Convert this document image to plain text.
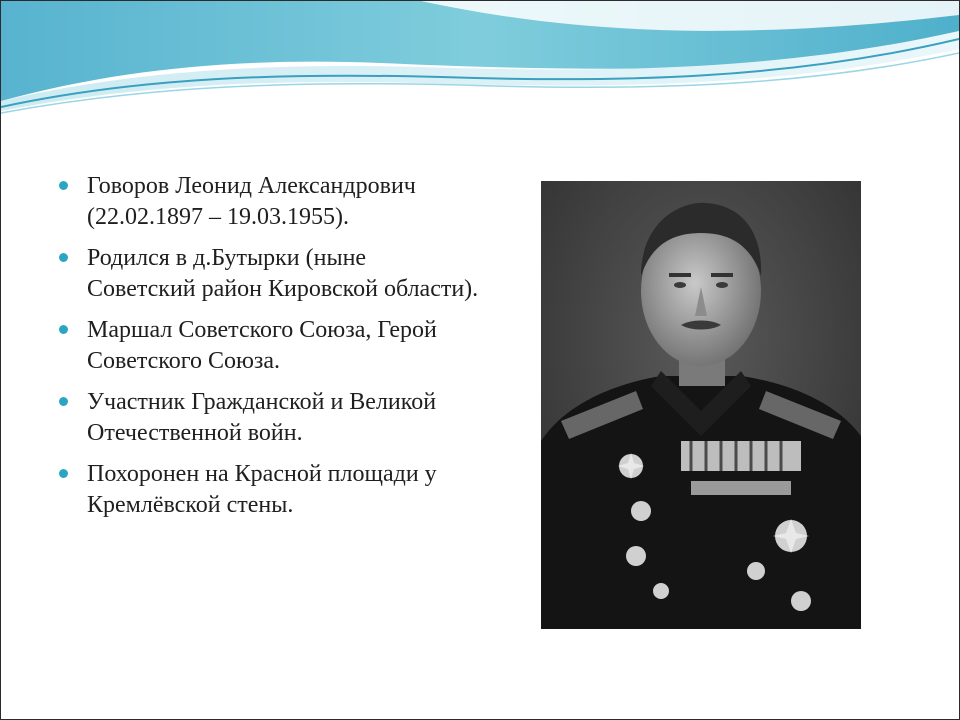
Говоров Леонид Александрович (22.02.1897 – 19.03.1955).
Родился в д.Бутырки (ныне Советский район Кировской области).
Маршал Советского Союза, Герой Советского Союза.
Участник Гражданской и Великой Отечественной войн.
Похоронен на Красной площади у Кремлёвской стены.
